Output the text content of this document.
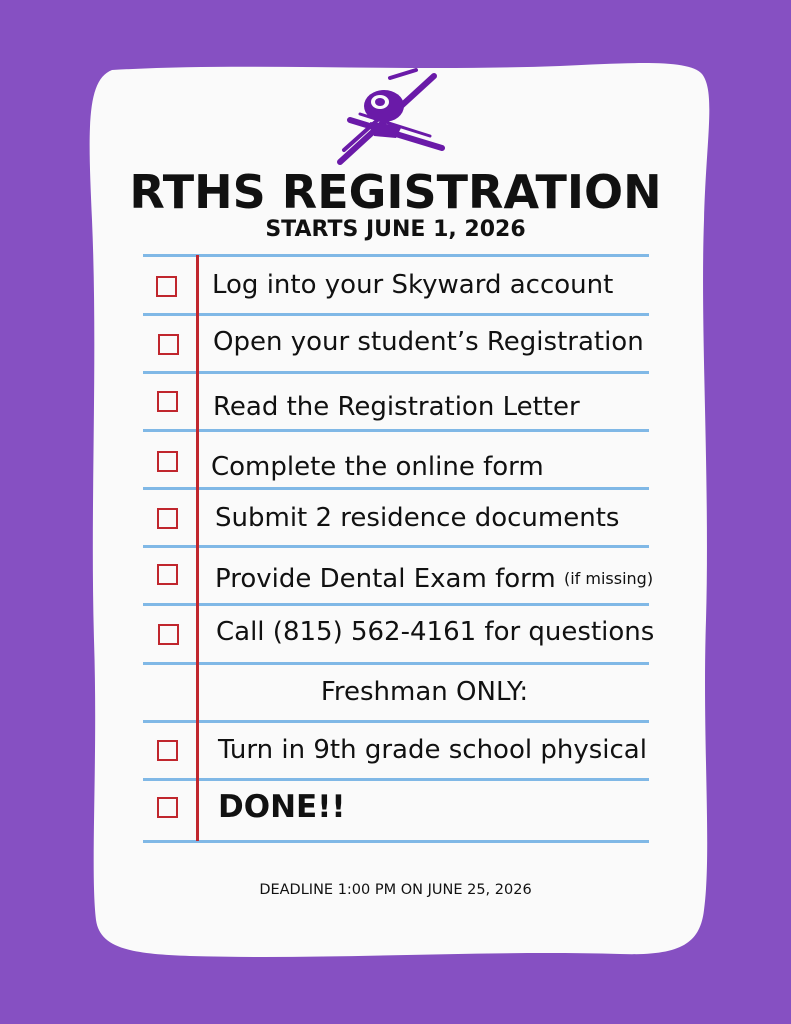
RTHS REGISTRATION
STARTS JUNE 1, 2026
Log into your Skyward account
Open your student’s Registration
Read the Registration Letter
Complete the online form
Submit 2 residence documents
Provide Dental Exam form (if missing)
Call (815) 562-4161 for questions
Freshman ONLY:
Turn in 9th grade school physical
DONE!!
DEADLINE 1:00 PM ON JUNE 25, 2026
